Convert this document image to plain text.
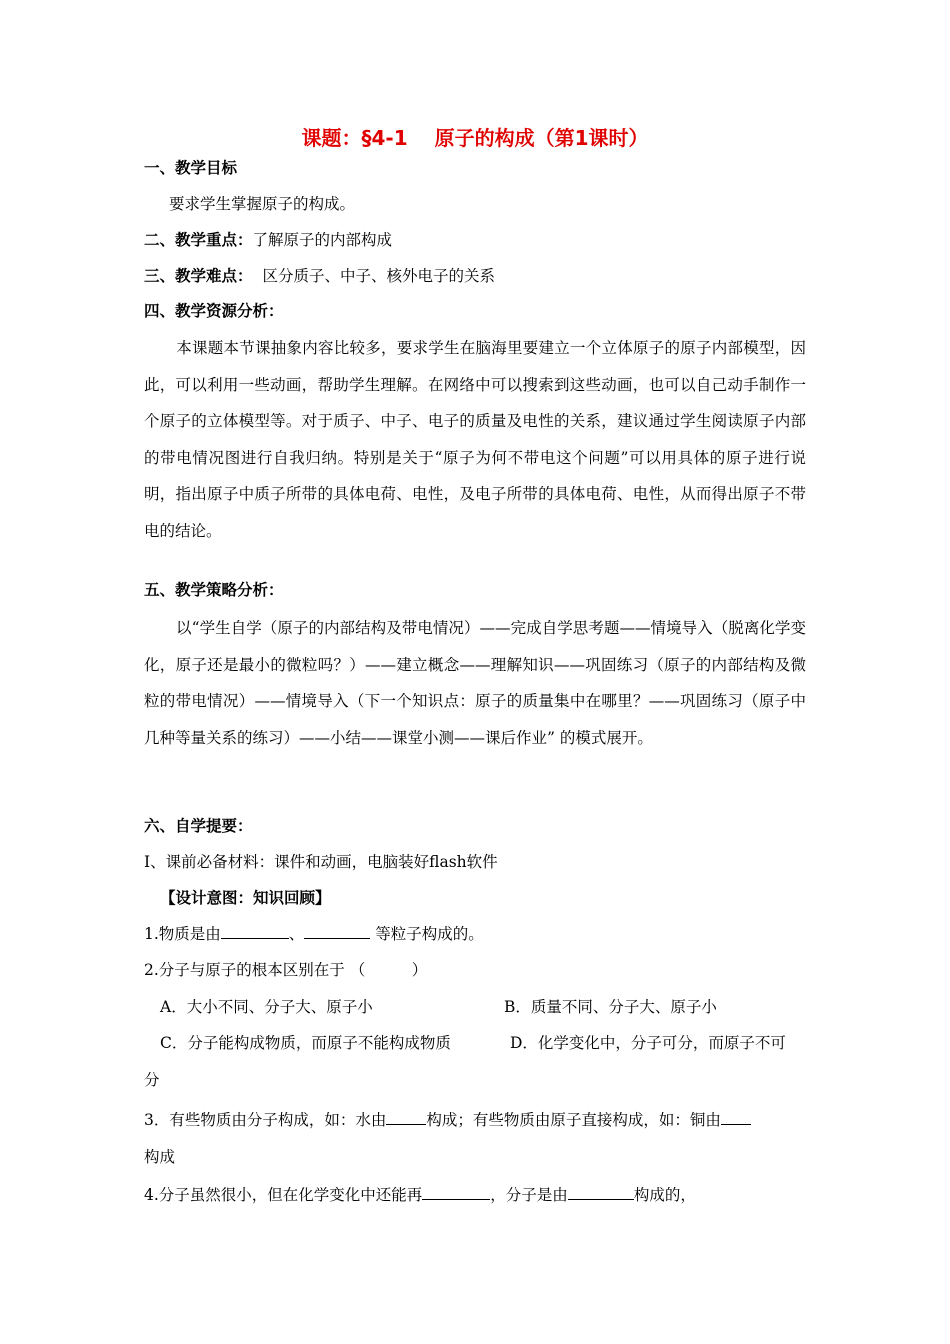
课题：§4-1　 原子的构成（第1课时）
一、教学目标
要求学生掌握原子的构成。
二、教学重点：了解原子的内部构成
三、教学难点： 区分质子、中子、核外电子的关系
四、教学资源分析：
本课题本节课抽象内容比较多，要求学生在脑海里要建立一个立体原子的原子内部模型，因此，可以利用一些动画，帮助学生理解。在网络中可以搜索到这些动画，也可以自己动手制作一个原子的立体模型等。对于质子、中子、电子的质量及电性的关系，建议通过学生阅读原子内部的带电情况图进行自我归纳。特别是关于“原子为何不带电这个问题”可以用具体的原子进行说明，指出原子中质子所带的具体电荷、电性，及电子所带的具体电荷、电性，从而得出原子不带电的结论。
五、教学策略分析：
以“学生自学（原子的内部结构及带电情况）——完成自学思考题——情境导入（脱离化学变化，原子还是最小的微粒吗？）——建立概念——理解知识——巩固练习（原子的内部结构及微粒的带电情况）——情境导入（下一个知识点：原子的质量集中在哪里？——巩固练习（原子中几种等量关系的练习）——小结——课堂小测——课后作业” 的模式展开。
六、自学提要：
Ⅰ、课前必备材料：课件和动画，电脑装好flash软件
【设计意图：知识回顾】
1.物质是由	、	等粒子构成的。
2.分子与原子的根本区别在于 （　　　）
A．大小不同、分子大、原子小	B．质量不同、分子大、原子小
C．分子能构成物质，而原子不能构成物质	D．化学变化中，分子可分，而原子不可
分
3．有些物质由分子构成，如：水由	构成；有些物质由原子直接构成，如：铜由
构成
4.分子虽然很小，但在化学变化中还能再	，分子是由	构成的，
